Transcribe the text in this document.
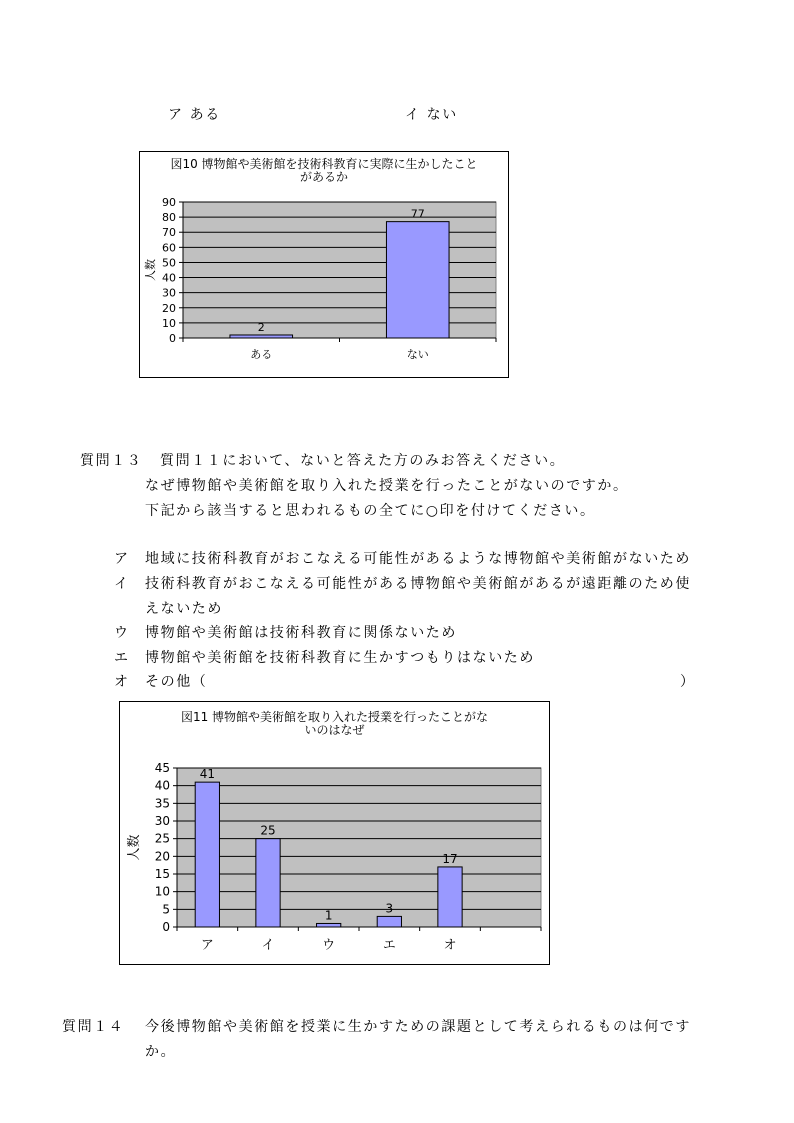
ア ある	イ ない
図10 博物館や美術館を技術科教育に実際に生かしたこと
があるか
0
10
20
30
40
50
60
70
80
90
2
ある
77
ない
人数
質問１３ 質問１１において、ないと答えた方のみお答えください。
なぜ博物館や美術館を取り入れた授業を行ったことがないのですか。
下記から該当すると思われるもの全てに○印を付けてください。
ア 地域に技術科教育がおこなえる可能性があるような博物館や美術館がないため
イ 技術科教育がおこなえる可能性がある博物館や美術館があるが遠距離のため使
えないため
ウ 博物館や美術館は技術科教育に関係ないため
エ 博物館や美術館を技術科教育に生かすつもりはないため
オ その他（	）
図11 博物館や美術館を取り入れた授業を行ったことがな
いのはなぜ
0
5
10
15
20
25
30
35
40
45 41
ア
25
イ
1
ウ
3
エ
17
オ
人数
質問１４ 今後博物館や美術館を授業に生かすための課題として考えられるものは何です
か。
